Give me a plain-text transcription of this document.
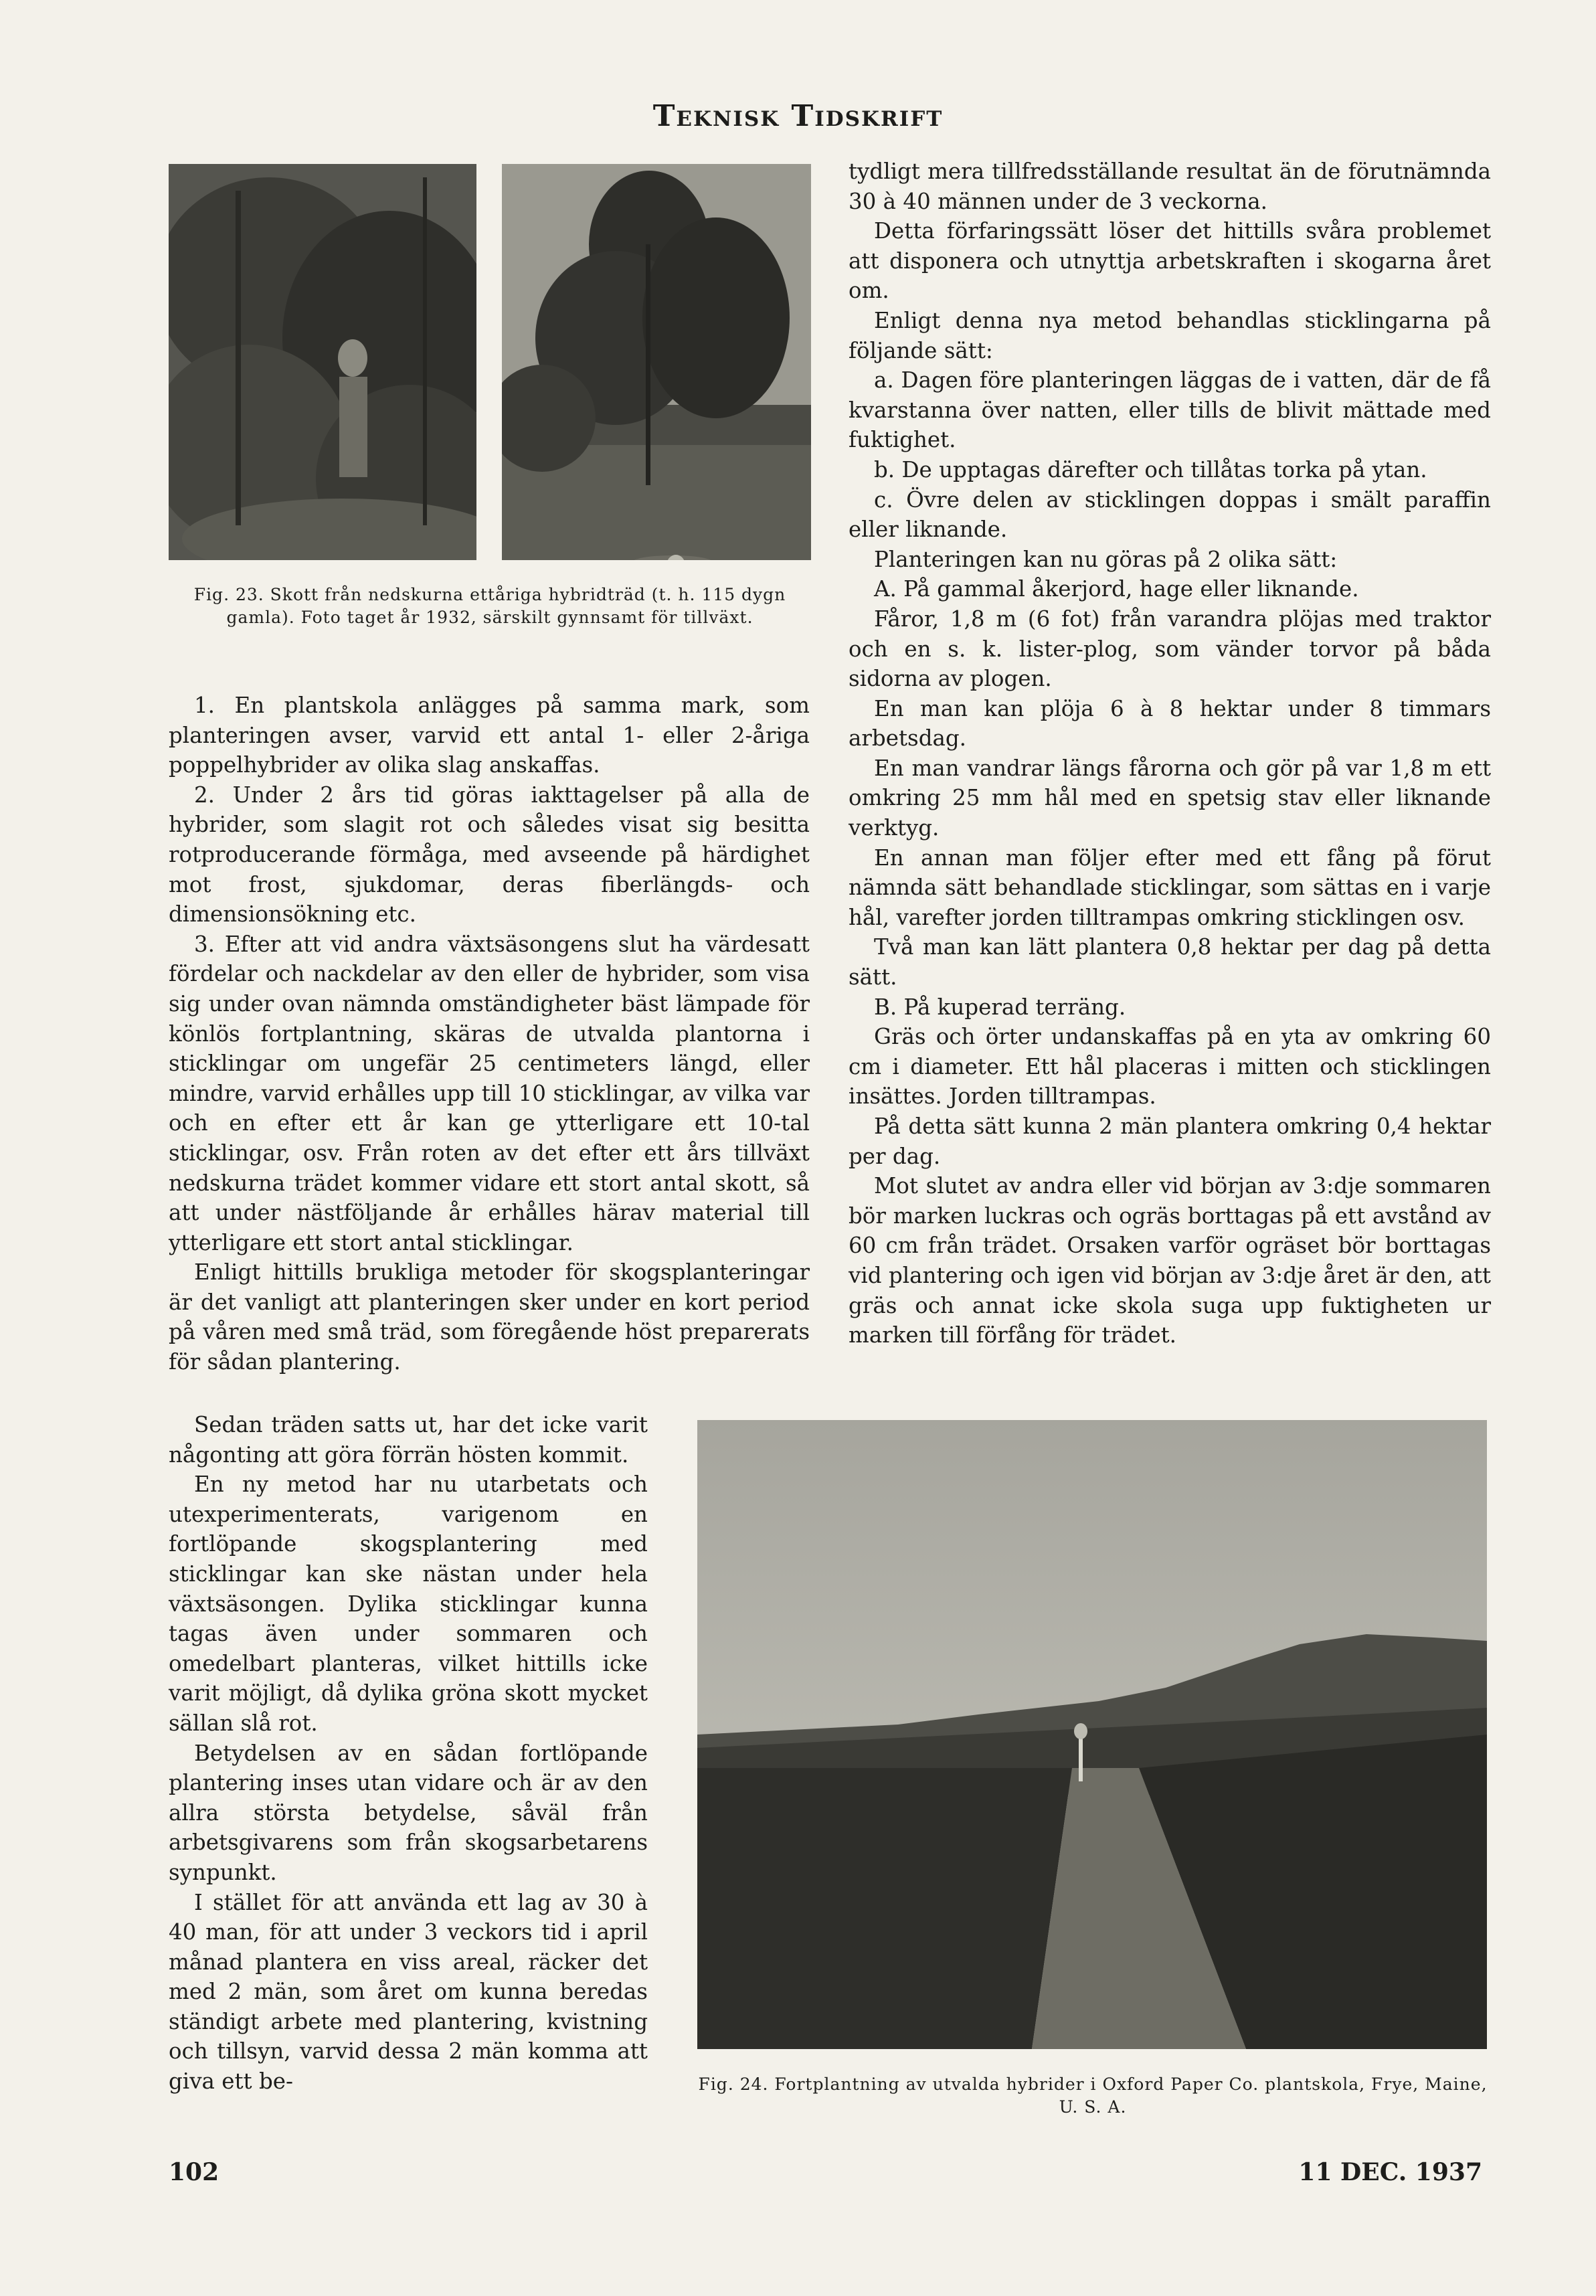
Teknisk Tidskrift
Fig. 23. Skott från nedskurna ettåriga hybridträd (t. h. 115 dygn gamla). Foto taget år 1932, särskilt gynnsamt för tillväxt.

1. En plantskola anlägges på samma mark, som planteringen avser, varvid ett antal 1- eller 2-åriga poppelhybrider av olika slag anskaffas.

2. Under 2 års tid göras iakttagelser på alla de hybrider, som slagit rot och således visat sig besitta rotproducerande förmåga, med avseende på härdighet mot frost, sjukdomar, deras fiberlängds- och dimensionsökning etc.

3. Efter att vid andra växtsäsongens slut ha värdesatt fördelar och nackdelar av den eller de hybrider, som visa sig under ovan nämnda omständigheter bäst lämpade för könlös fortplantning, skäras de utvalda plantorna i sticklingar om ungefär 25 centimeters längd, eller mindre, varvid erhålles upp till 10 sticklingar, av vilka var och en efter ett år kan ge ytterligare ett 10-tal sticklingar, osv. Från roten av det efter ett års tillväxt nedskurna trädet kommer vidare ett stort antal skott, så att under nästföljande år erhålles härav material till ytterligare ett stort antal sticklingar.

Enligt hittills brukliga metoder för skogsplanteringar är det vanligt att planteringen sker under en kort period på våren med små träd, som föregående höst preparerats för sådan plantering.

Sedan träden satts ut, har det icke varit någonting att göra förrän hösten kommit.

En ny metod har nu utarbetats och utexperimenterats, varigenom en fortlöpande skogsplantering med sticklingar kan ske nästan under hela växtsäsongen. Dylika sticklingar kunna tagas även under sommaren och omedelbart planteras, vilket hittills icke varit möjligt, då dylika gröna skott mycket sällan slå rot.

Betydelsen av en sådan fortlöpande plantering inses utan vidare och är av den allra största betydelse, såväl från arbetsgivarens som från skogsarbetarens synpunkt.

I stället för att använda ett lag av 30 à 40 man, för att under 3 veckors tid i april månad plantera en viss areal, räcker det med 2 män, som året om kunna beredas ständigt arbete med plantering, kvistning och tillsyn, varvid dessa 2 män komma att giva ett be-

tydligt mera tillfredsställande resultat än de förutnämnda 30 à 40 männen under de 3 veckorna.

Detta förfaringssätt löser det hittills svåra problemet att disponera och utnyttja arbetskraften i skogarna året om.

Enligt denna nya metod behandlas sticklingarna på följande sätt:

a. Dagen före planteringen läggas de i vatten, där de få kvarstanna över natten, eller tills de blivit mättade med fuktighet.

b. De upptagas därefter och tillåtas torka på ytan.

c. Övre delen av sticklingen doppas i smält paraffin eller liknande.

Planteringen kan nu göras på 2 olika sätt:

A. På gammal åkerjord, hage eller liknande.

Fåror, 1,8 m (6 fot) från varandra plöjas med traktor och en s. k. lister-plog, som vänder torvor på båda sidorna av plogen.

En man kan plöja 6 à 8 hektar under 8 timmars arbetsdag.

En man vandrar längs fårorna och gör på var 1,8 m ett omkring 25 mm hål med en spetsig stav eller liknande verktyg.

En annan man följer efter med ett fång på förut nämnda sätt behandlade sticklingar, som sättas en i varje hål, varefter jorden tilltrampas omkring sticklingen osv.

Två man kan lätt plantera 0,8 hektar per dag på detta sätt.

B. På kuperad terräng.

Gräs och örter undanskaffas på en yta av omkring 60 cm i diameter. Ett hål placeras i mitten och sticklingen insättes. Jorden tilltrampas.

På detta sätt kunna 2 män plantera omkring 0,4 hektar per dag.

Mot slutet av andra eller vid början av 3:dje sommaren bör marken luckras och ogräs borttagas på ett avstånd av 60 cm från trädet. Orsaken varför ogräset bör borttagas vid plantering och igen vid början av 3:dje året är den, att gräs och annat icke skola suga upp fuktigheten ur marken till förfång för trädet.

Fig. 24. Fortplantning av utvalda hybrider i Oxford Paper Co. plantskola, Frye, Maine, U. S. A.
102	11 DEC. 1937
